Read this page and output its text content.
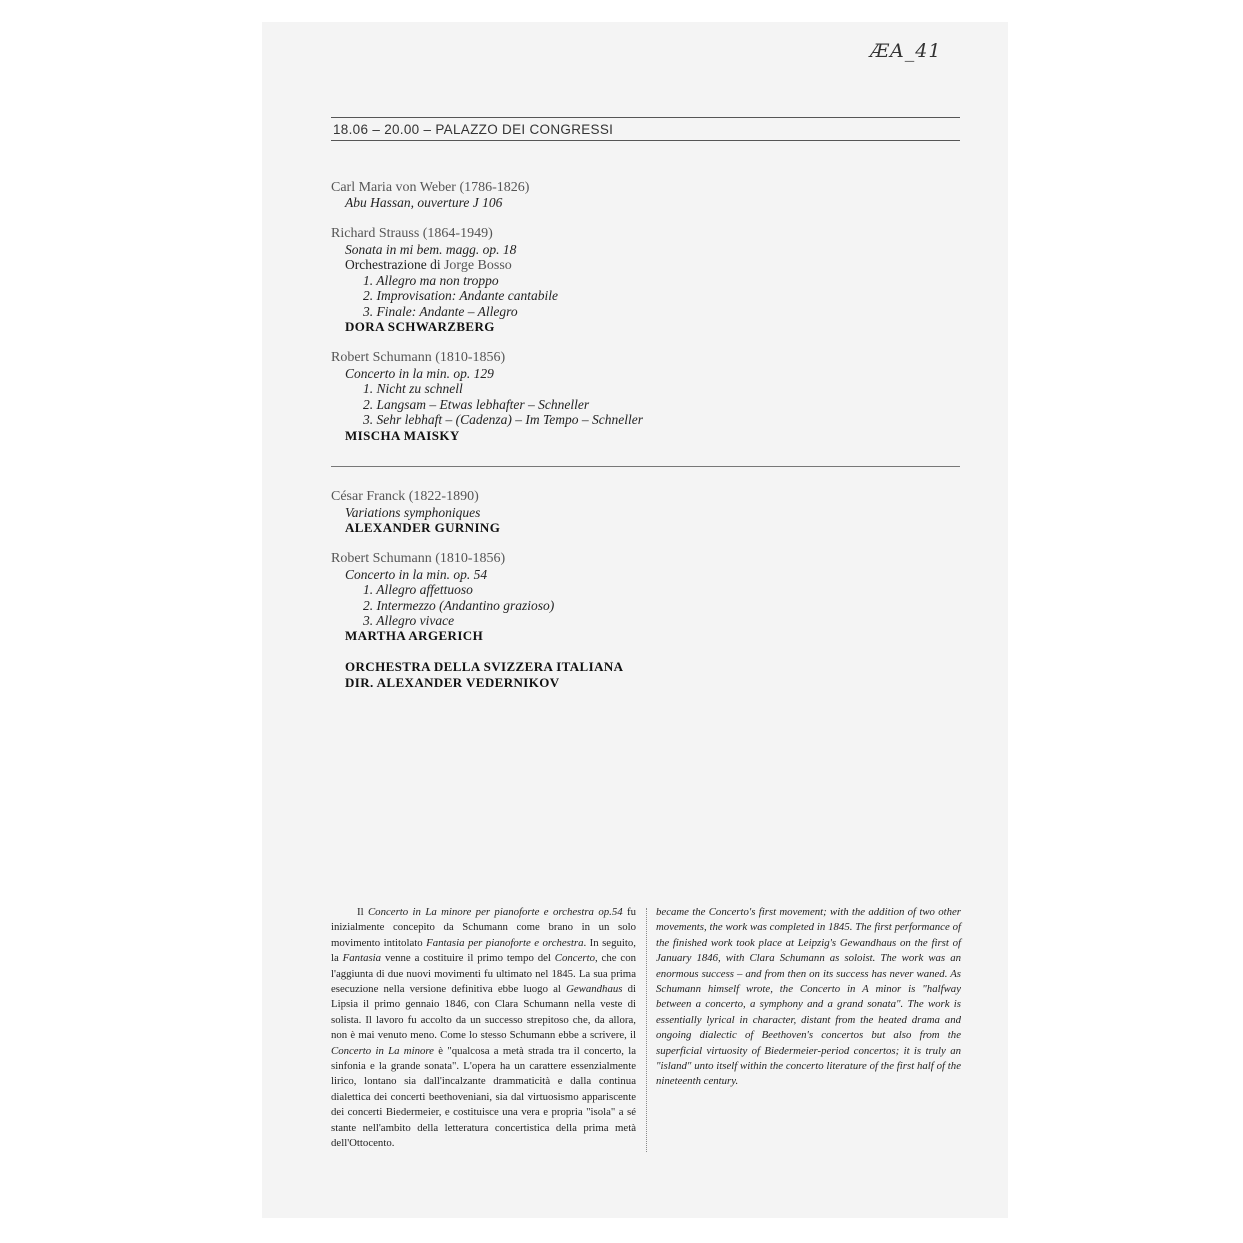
ÆA_41
18.06 – 20.00 – PALAZZO DEI CONGRESSI
Carl Maria von Weber (1786-1826)
Abu Hassan, ouverture J 106
Richard Strauss (1864-1949)
Sonata in mi bem. magg. op. 18
Orchestrazione di Jorge Bosso
1. Allegro ma non troppo
2. Improvisation: Andante cantabile
3. Finale: Andante – Allegro
DORA SCHWARZBERG
Robert Schumann (1810-1856)
Concerto in la min. op. 129
1. Nicht zu schnell
2. Langsam – Etwas lebhafter – Schneller
3. Sehr lebhaft – (Cadenza) – Im Tempo – Schneller
MISCHA MAISKY
César Franck (1822-1890)
Variations symphoniques
ALEXANDER GURNING
Robert Schumann (1810-1856)
Concerto in la min. op. 54
1. Allegro affettuoso
2. Intermezzo (Andantino grazioso)
3. Allegro vivace
MARTHA ARGERICH
ORCHESTRA DELLA SVIZZERA ITALIANA
DIR. ALEXANDER VEDERNIKOV

Il Concerto in La minore per pianoforte e orchestra op.54 fu inizialmente concepito da Schumann come brano in un solo movimento intitolato Fantasia per pianoforte e orchestra. In seguito, la Fantasia venne a costituire il primo tempo del Concerto, che con l'aggiunta di due nuovi movimenti fu ultimato nel 1845. La sua prima esecuzione nella versione definitiva ebbe luogo al Gewandhaus di Lipsia il primo gennaio 1846, con Clara Schumann nella veste di solista. Il lavoro fu accolto da un successo strepitoso che, da allora, non è mai venuto meno. Come lo stesso Schumann ebbe a scrivere, il Concerto in La minore è "qualcosa a metà strada tra il concerto, la sinfonia e la grande sonata". L'opera ha un carattere essenzialmente lirico, lontano sia dall'incalzante drammaticità e dalla continua dialettica dei concerti beethoveniani, sia dal virtuosismo appariscente dei concerti Biedermeier, e costituisce una vera e propria "isola" a sé stante nell'ambito della letteratura concertistica della prima metà dell'Ottocento.

became the Concerto's first movement; with the addition of two other movements, the work was completed in 1845. The first performance of the finished work took place at Leipzig's Gewandhaus on the first of January 1846, with Clara Schumann as soloist. The work was an enormous success – and from then on its success has never waned. As Schumann himself wrote, the Concerto in A minor is "halfway between a concerto, a symphony and a grand sonata". The work is essentially lyrical in character, distant from the heated drama and ongoing dialectic of Beethoven's concertos but also from the superficial virtuosity of Biedermeier-period concertos; it is truly an "island" unto itself within the concerto literature of the first half of the nineteenth century.
